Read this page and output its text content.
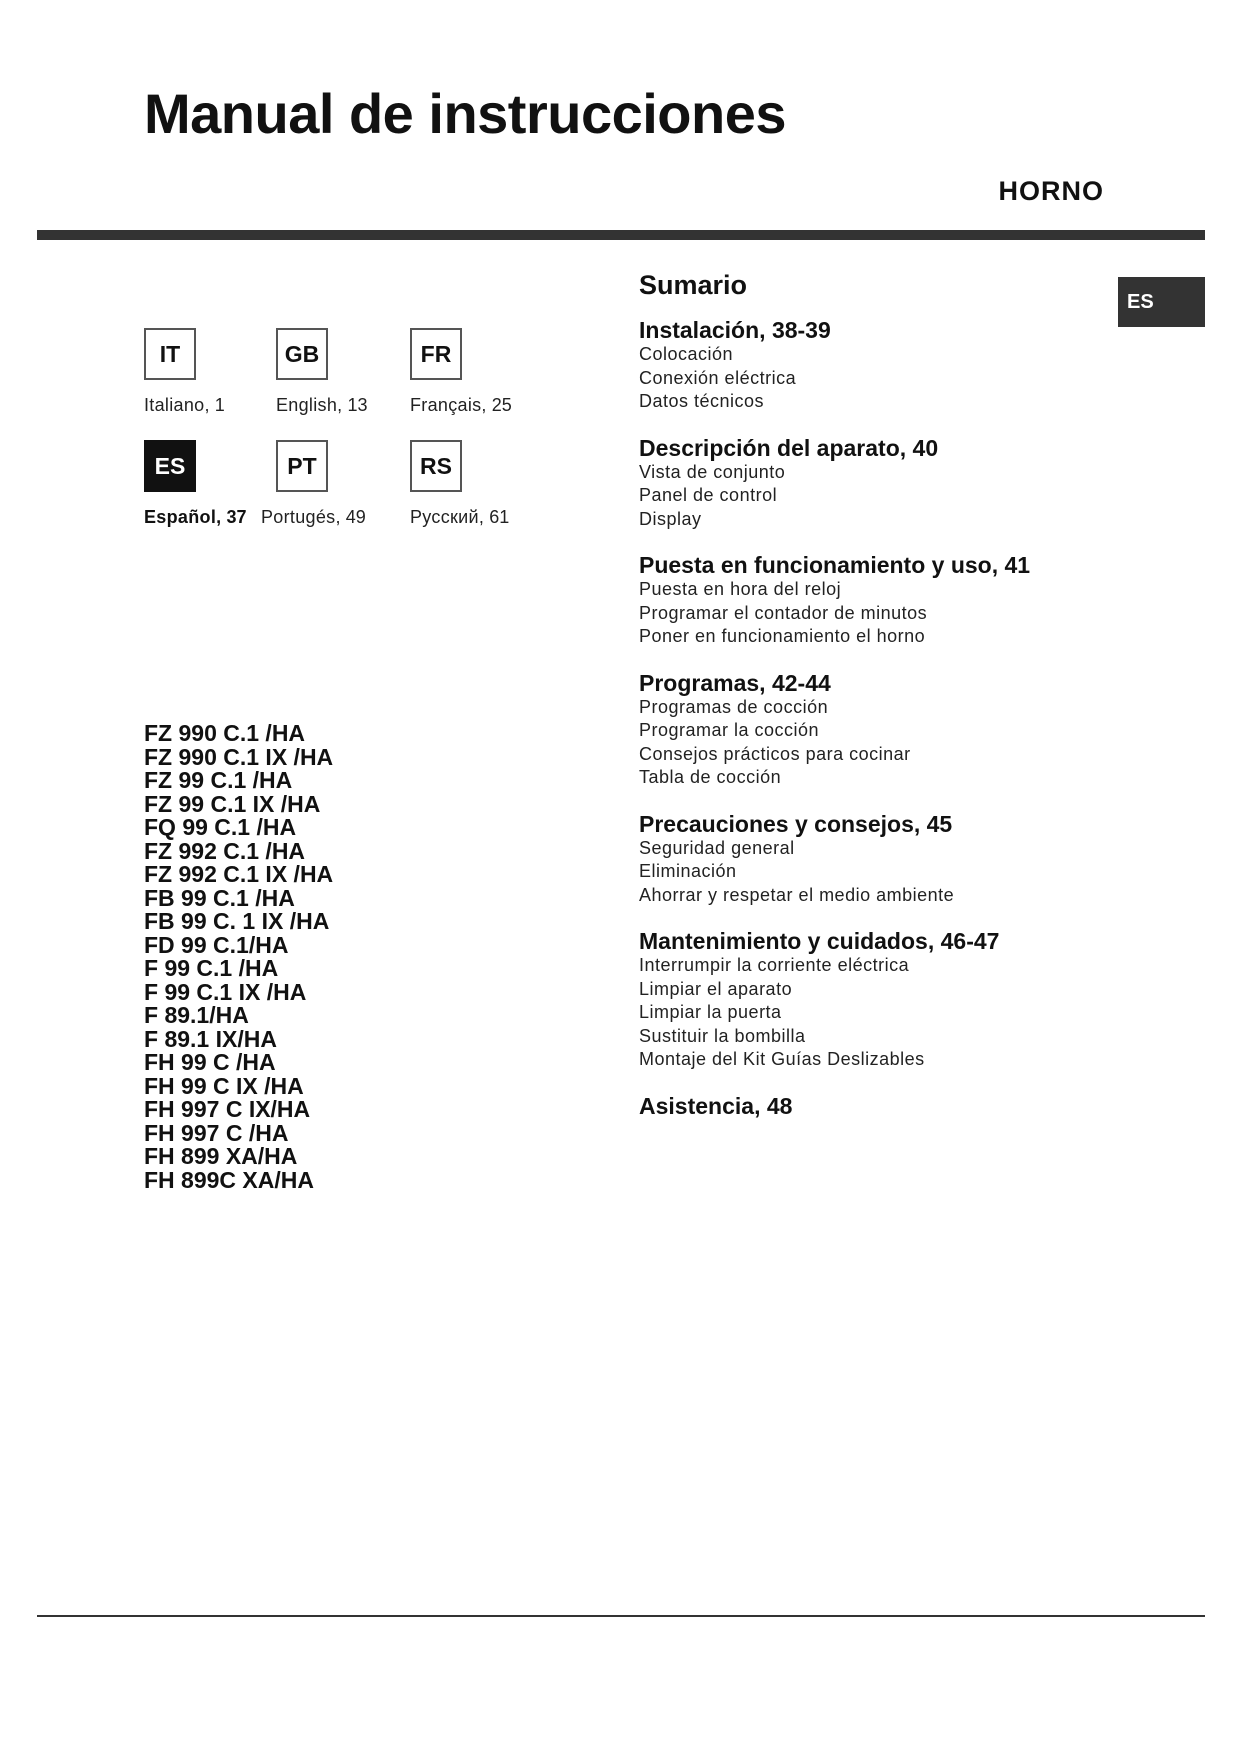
Manual de instrucciones
HORNO
ES
IT	GB	FR
Italiano, 1	English, 13 Français, 25
ES	PT	RS
Español, 37 Portugés, 49 Русский, 61
FZ 990 C.1 /HA
FZ 990 C.1 IX /HA
FZ 99 C.1 /HA
FZ 99 C.1 IX /HA
FQ 99 C.1 /HA
FZ 992 C.1 /HA
FZ 992 C.1 IX /HA
FB 99 C.1 /HA
FB 99 C. 1 IX /HA
FD 99 C.1/HA
F 99 C.1 /HA
F 99 C.1 IX /HA
F 89.1/HA
F 89.1 IX/HA
FH 99 C /HA
FH 99 C IX /HA
FH 997 C IX/HA
FH 997 C /HA
FH 899 XA/HA
FH 899C XA/HA
Sumario
Instalación, 38-39
Colocación
Conexión eléctrica
Datos técnicos
Descripción del aparato, 40
Vista de conjunto
Panel de control
Display
Puesta en funcionamiento y uso, 41
Puesta en hora del reloj
Programar el contador de minutos
Poner en funcionamiento el horno
Programas, 42-44
Programas de cocción
Programar la cocción
Consejos prácticos para cocinar
Tabla de cocción
Precauciones y consejos, 45
Seguridad general
Eliminación
Ahorrar y respetar el medio ambiente
Mantenimiento y cuidados, 46-47
Interrumpir la corriente eléctrica
Limpiar el aparato
Limpiar la puerta
Sustituir la bombilla
Montaje del Kit Guías Deslizables
Asistencia, 48
